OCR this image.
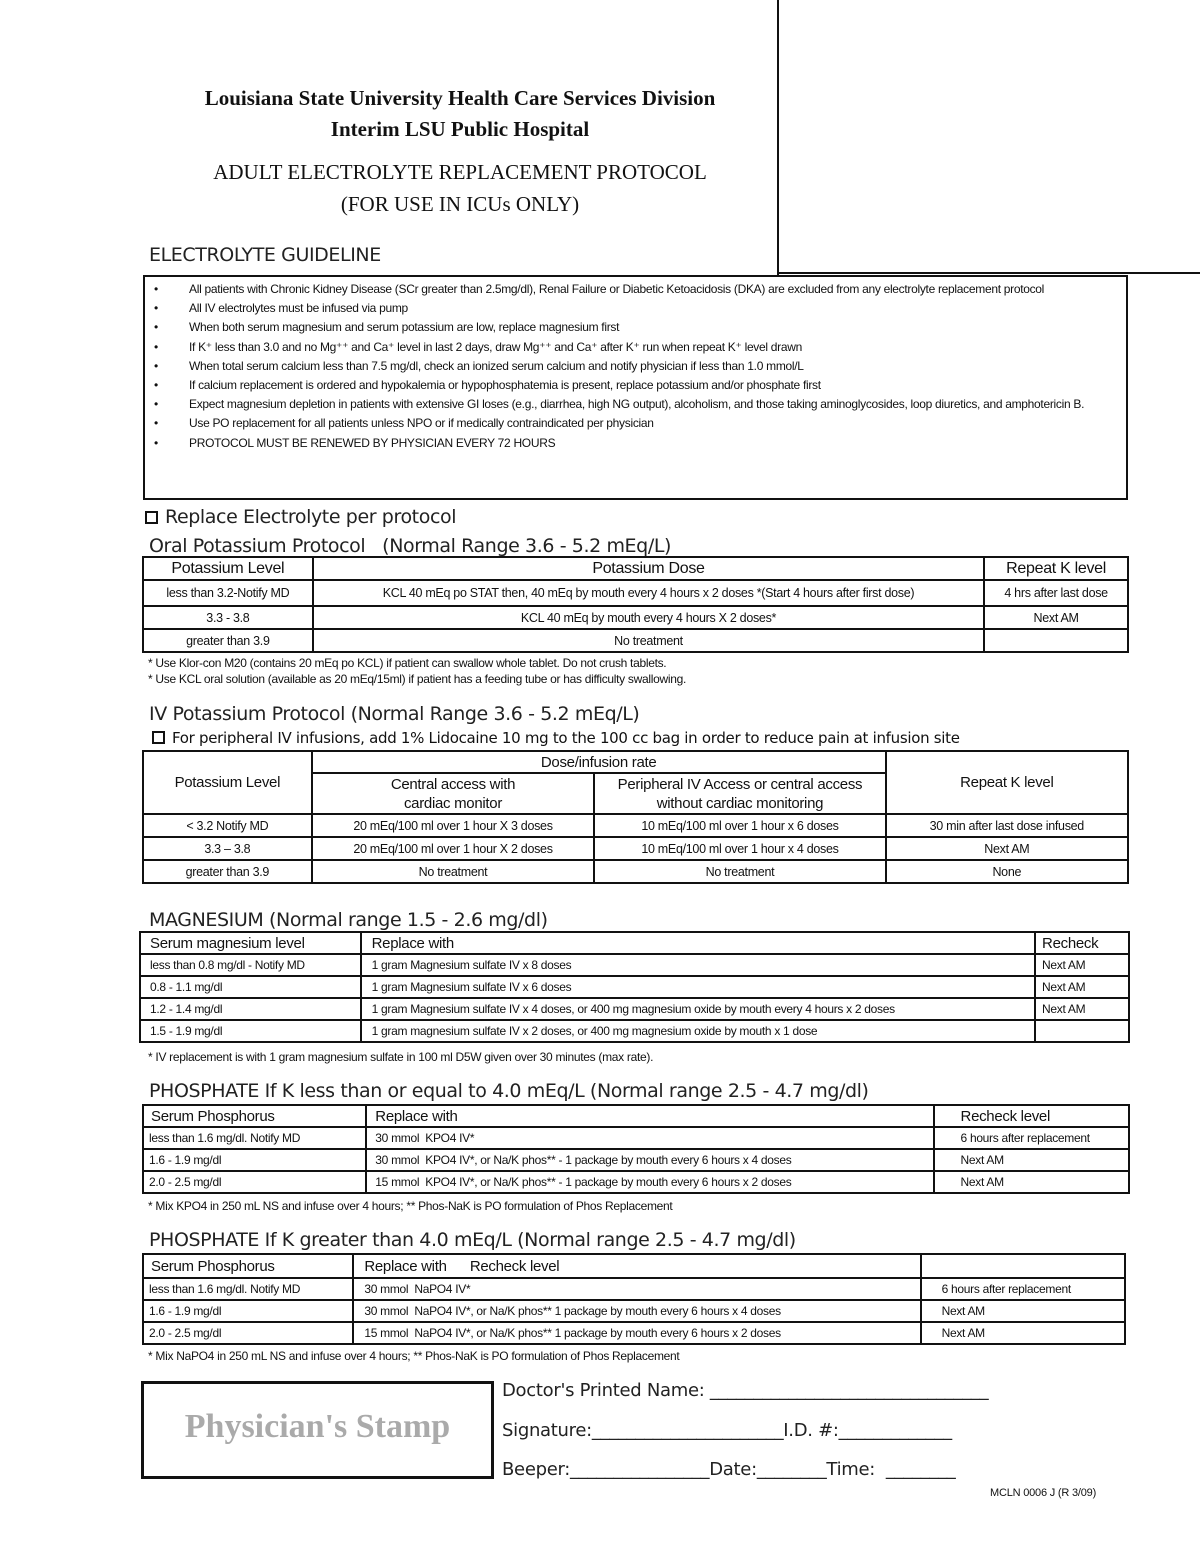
Louisiana State University Health Care Services Division
Interim LSU Public Hospital
ADULT ELECTROLYTE REPLACEMENT PROTOCOL
(FOR USE IN ICUs ONLY)
ELECTROLYTE GUIDELINE
•	All patients with Chronic Kidney Disease (SCr greater than 2.5mg/dl), Renal Failure or Diabetic Ketoacidosis (DKA) are excluded from any electrolyte replacement protocol
•	All IV electrolytes must be infused via pump
•	When both serum magnesium and serum potassium are low, replace magnesium first
•	If K⁺ less than 3.0 and no Mg⁺⁺ and Ca⁺ level in last 2 days, draw Mg⁺⁺ and Ca⁺ after K⁺ run when repeat K⁺ level drawn
•	When total serum calcium less than 7.5 mg/dl, check an ionized serum calcium and notify physician if less than 1.0 mmol/L
•	If calcium replacement is ordered and hypokalemia or hypophosphatemia is present, replace potassium and/or phosphate first
•	Expect magnesium depletion in patients with extensive GI loses (e.g., diarrhea, high NG output), alcoholism, and those taking aminoglycosides, loop diuretics, and amphotericin B.
•	Use PO replacement for all patients unless NPO or if medically contraindicated per physician
•	PROTOCOL MUST BE RENEWED BY PHYSICIAN EVERY 72 HOURS
Replace Electrolyte per protocol
Oral Potassium Protocol   (Normal Range 3.6 - 5.2 mEq/L)
Potassium Level	Potassium Dose	Repeat K level
less than 3.2-Notify MD	KCL 40 mEq po STAT then, 40 mEq by mouth every 4 hours x 2 doses *(Start 4 hours after first dose)	4 hrs after last dose
3.3 - 3.8	KCL 40 mEq by mouth every 4 hours X 2 doses*	Next AM
greater than 3.9	No treatment	
* Use Klor-con M20 (contains 20 mEq po KCL) if patient can swallow whole tablet. Do not crush tablets.
* Use KCL oral solution (available as 20 mEq/15ml) if patient has a feeding tube or has difficulty swallowing.
IV Potassium Protocol (Normal Range 3.6 - 5.2 mEq/L)
For peripheral IV infusions, add 1% Lidocaine 10 mg to the 100 cc bag in order to reduce pain at infusion site
Potassium Level	Dose/infusion rate		Repeat K level
	Central access with cardiac monitor	Peripheral IV Access or central access without cardiac monitoring	
< 3.2 Notify MD	20 mEq/100 ml over 1 hour X 3 doses	10 mEq/100 ml over 1 hour x 6 doses	30 min after last dose infused
3.3 – 3.8	20 mEq/100 ml over 1 hour X 2 doses	10 mEq/100 ml over 1 hour x 4 doses	Next AM
greater than 3.9	No treatment	No treatment	None
MAGNESIUM (Normal range 1.5 - 2.6 mg/dl)
Serum magnesium level	Replace with	Recheck
less than 0.8 mg/dl - Notify MD	1 gram Magnesium sulfate IV x 8 doses	Next AM
0.8 - 1.1 mg/dl	1 gram Magnesium sulfate IV x 6 doses	Next AM
1.2 - 1.4 mg/dl	1 gram Magnesium sulfate IV x 4 doses, or 400 mg magnesium oxide by mouth every 4 hours x 2 doses	Next AM
1.5 - 1.9 mg/dl	1 gram magnesium sulfate IV x 2 doses, or 400 mg magnesium oxide by mouth x 1 dose	
* IV replacement is with 1 gram magnesium sulfate in 100 ml D5W given over 30 minutes (max rate).
PHOSPHATE If K less than or equal to 4.0 mEq/L (Normal range 2.5 - 4.7 mg/dl)
Serum Phosphorus	Replace with	Recheck level
less than 1.6 mg/dl. Notify MD	30 mmol  KPO4 IV*	6 hours after replacement
1.6 - 1.9 mg/dl	30 mmol  KPO4 IV*, or Na/K phos** - 1 package by mouth every 6 hours x 4 doses	Next AM
2.0 - 2.5 mg/dl	15 mmol  KPO4 IV*, or Na/K phos** - 1 package by mouth every 6 hours x 2 doses	Next AM
* Mix KPO4 in 250 mL NS and infuse over 4 hours; ** Phos-NaK is PO formulation of Phos Replacement
PHOSPHATE If K greater than 4.0 mEq/L (Normal range 2.5 - 4.7 mg/dl)
Serum Phosphorus	Replace with      Recheck level	
less than 1.6 mg/dl. Notify MD	30 mmol  NaPO4 IV*	6 hours after replacement
1.6 - 1.9 mg/dl	30 mmol  NaPO4 IV*, or Na/K phos** 1 package by mouth every 6 hours x 4 doses	Next AM
2.0 - 2.5 mg/dl	15 mmol  NaPO4 IV*, or Na/K phos** 1 package by mouth every 6 hours x 2 doses	Next AM
* Mix NaPO4 in 250 mL NS and infuse over 4 hours; ** Phos-NaK is PO formulation of Phos Replacement
Physician's Stamp
Doctor's Printed Name: ________________________________
Signature:______________________I.D. #:_____________
Beeper:________________Date:________Time:  ________
MCLN 0006 J (R 3/09)
